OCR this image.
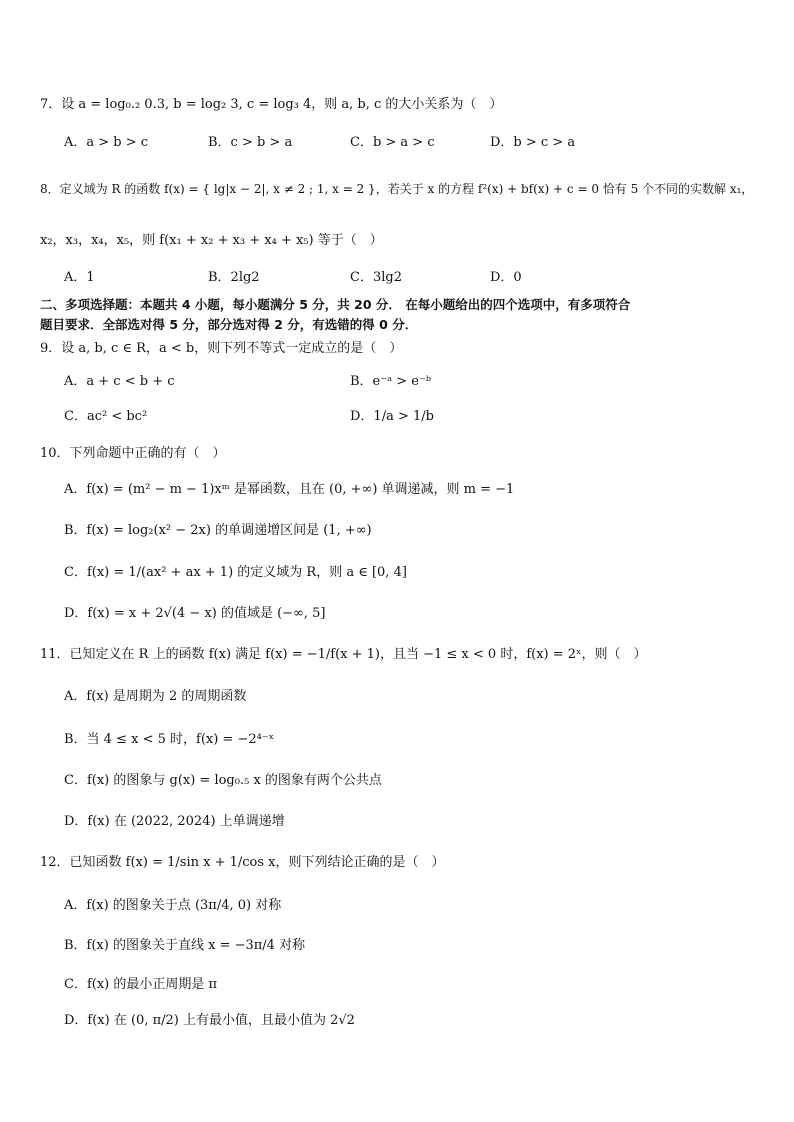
7．设 a = log₀.₂ 0.3, b = log₂ 3, c = log₃ 4，则 a, b, c 的大小关系为（　）
A．a > b > c	B．c > b > a	C．b > a > c	D．b > c > a
8．定义域为 R 的函数 f(x) = { lg|x − 2|, x ≠ 2 ; 1, x = 2 }，若关于 x 的方程 f²(x) + bf(x) + c = 0 恰有 5 个不同的实数解 x₁，
x₂，x₃，x₄，x₅，则 f(x₁ + x₂ + x₃ + x₄ + x₅) 等于（　）
A．1	B．2lg2	C．3lg2	D．0
二、多项选择题：本题共 4 小题，每小题满分 5 分，共 20 分． 在每小题给出的四个选项中，有多项符合
题目要求．全部选对得 5 分，部分选对得 2 分，有选错的得 0 分．
9．设 a, b, c ∈ R，a < b，则下列不等式一定成立的是（　）
A．a + c < b + c	B．e⁻ᵃ > e⁻ᵇ
C．ac² < bc²	D．1/a > 1/b
10．下列命题中正确的有（　）
A．f(x) = (m² − m − 1)xᵐ 是幂函数，且在 (0, +∞) 单调递减，则 m = −1
B．f(x) = log₂(x² − 2x) 的单调递增区间是 (1, +∞)
C．f(x) = 1/(ax² + ax + 1) 的定义域为 R，则 a ∈ [0, 4]
D．f(x) = x + 2√(4 − x) 的值域是 (−∞, 5]
11．已知定义在 R 上的函数 f(x) 满足 f(x) = −1/f(x + 1)，且当 −1 ≤ x < 0 时，f(x) = 2ˣ，则（　）
A．f(x) 是周期为 2 的周期函数
B．当 4 ≤ x < 5 时，f(x) = −2⁴⁻ˣ
C．f(x) 的图象与 g(x) = log₀.₅ x 的图象有两个公共点
D．f(x) 在 (2022, 2024) 上单调递增
12．已知函数 f(x) = 1/sin x + 1/cos x，则下列结论正确的是（　）
A．f(x) 的图象关于点 (3π/4, 0) 对称
B．f(x) 的图象关于直线 x = −3π/4 对称
C．f(x) 的最小正周期是 π
D．f(x) 在 (0, π/2) 上有最小值，且最小值为 2√2
